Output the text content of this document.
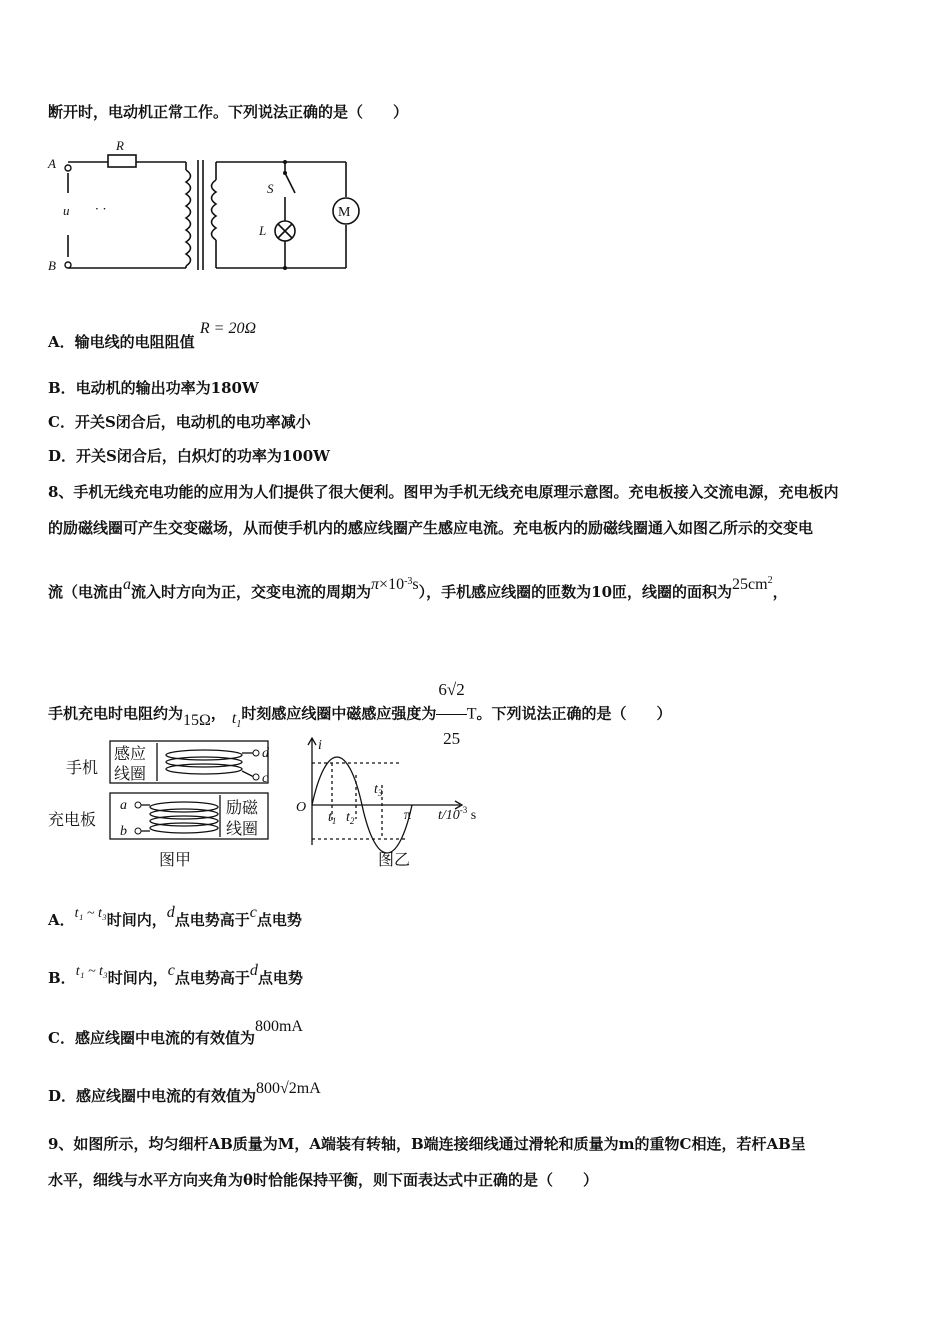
断开时，电动机正常工作。下列说法正确的是（　　）
· ·
A
B
u
R
S
L
M
A．输电线的电阻阻值 R = 20Ω
B．电动机的输出功率为180W
C．开关S闭合后，电动机的电功率减小
D．开关S闭合后，白炽灯的功率为100W
8、手机无线充电功能的应用为人们提供了很大便利。图甲为手机无线充电原理示意图。充电板接入交流电源，充电板内
的励磁线圈可产生交变磁场，从而使手机内的感应线圈产生感应电流。充电板内的励磁线圈通入如图乙所示的交变电
流（电流由a流入时方向为正，交变电流的周期为$\pi\times 10^{-3}s$），手机感应线圈的匝数为10匝，线圈的面积为$25cm^2$，
手机充电时电阻约为15Ω， $t_1$时刻感应线圈中磁感应强度为 $\frac{6√2}{25}$ T。下列说法正确的是（　　）
手机
感应
线圈
充电板
励磁
线圈
图甲
d
c
a
b
i
O
$t_1$ $t_2$
$t_3$
π $t/10^{-3}$ s
图乙
A．t₁ ~ t₃时间内，d点电势高于c点电势
B．t₁ ~ t₃时间内，c点电势高于d点电势
C．感应线圈中电流的有效值为800mA
D．感应线圈中电流的有效值为800√2mA
9、如图所示，均匀细杆AB质量为M，A端装有转轴，B端连接细线通过滑轮和质量为m的重物C相连，若杆AB呈
水平，细线与水平方向夹角为θ时恰能保持平衡，则下面表达式中正确的是（　　）
